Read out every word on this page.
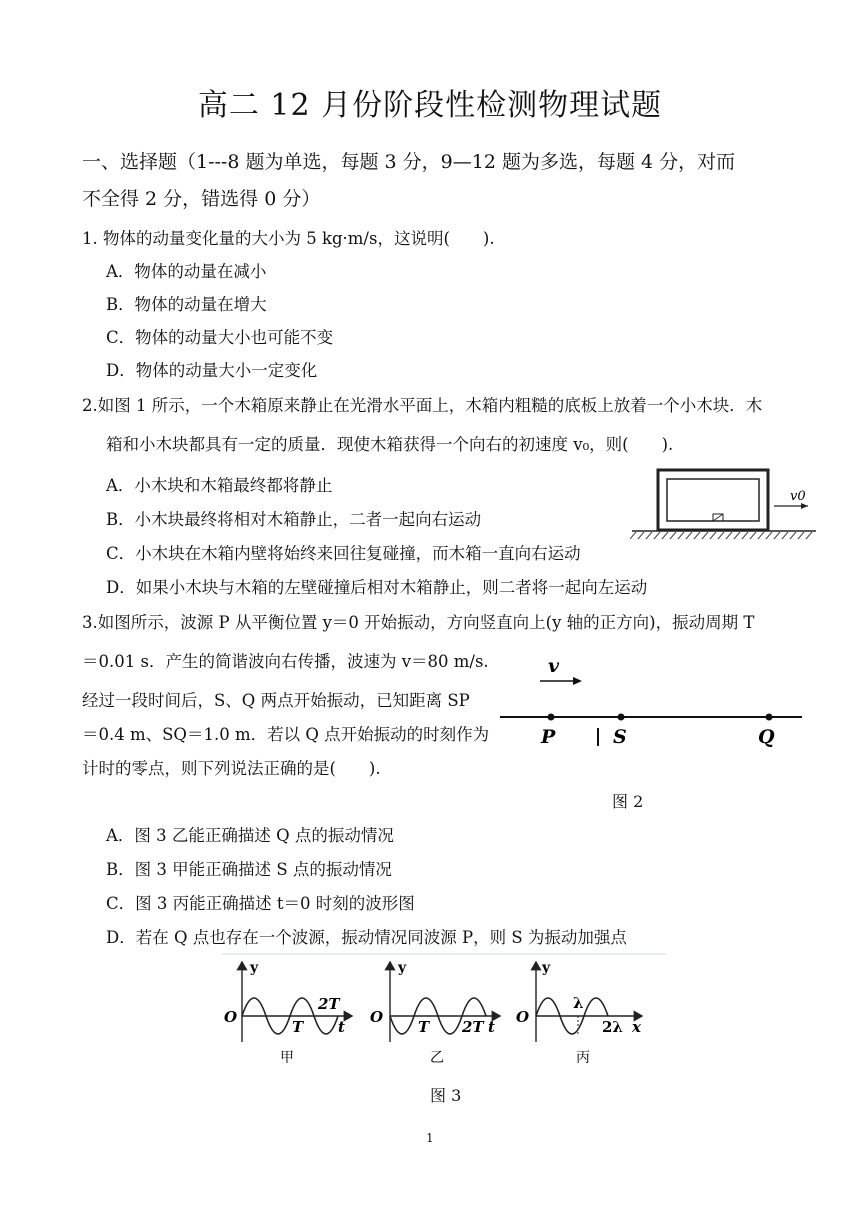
高二 12 月份阶段性检测物理试题
一、选择题（1---8 题为单选，每题 3 分，9—12 题为多选，每题 4 分，对而
不全得 2 分，错选得 0 分）
1. 物体的动量变化量的大小为 5 kg·m/s，这说明(　　).
A．物体的动量在减小
B．物体的动量在增大
C．物体的动量大小也可能不变
D．物体的动量大小一定变化
2.如图 1 所示，一个木箱原来静止在光滑水平面上，木箱内粗糙的底板上放着一个小木块．木
箱和小木块都具有一定的质量．现使木箱获得一个向右的初速度 v₀，则(　　).
A．小木块和木箱最终都将静止
B．小木块最终将相对木箱静止，二者一起向右运动
C．小木块在木箱内壁将始终来回往复碰撞，而木箱一直向右运动
D．如果小木块与木箱的左壁碰撞后相对木箱静止，则二者将一起向左运动
v0
3.如图所示，波源 P 从平衡位置 y＝0 开始振动，方向竖直向上(y 轴的正方向)，振动周期 T
＝0.01 s．产生的简谐波向右传播，波速为 v＝80 m/s.
经过一段时间后，S、Q 两点开始振动，已知距离 SP
＝0.4 m、SQ＝1.0 m．若以 Q 点开始振动的时刻作为
计时的零点，则下列说法正确的是(　　).
v
P	S	Q
图 2
A．图 3 乙能正确描述 Q 点的振动情况
B．图 3 甲能正确描述 S 点的振动情况
C．图 3 丙能正确描述 t＝0 时刻的波形图
D．若在 Q 点也存在一个波源，振动情况同波源 P，则 S 为振动加强点
y
O
T
2T
t
甲
y
O
T 2T t
乙
y
O
λ
2λ x
丙
图 3
1
